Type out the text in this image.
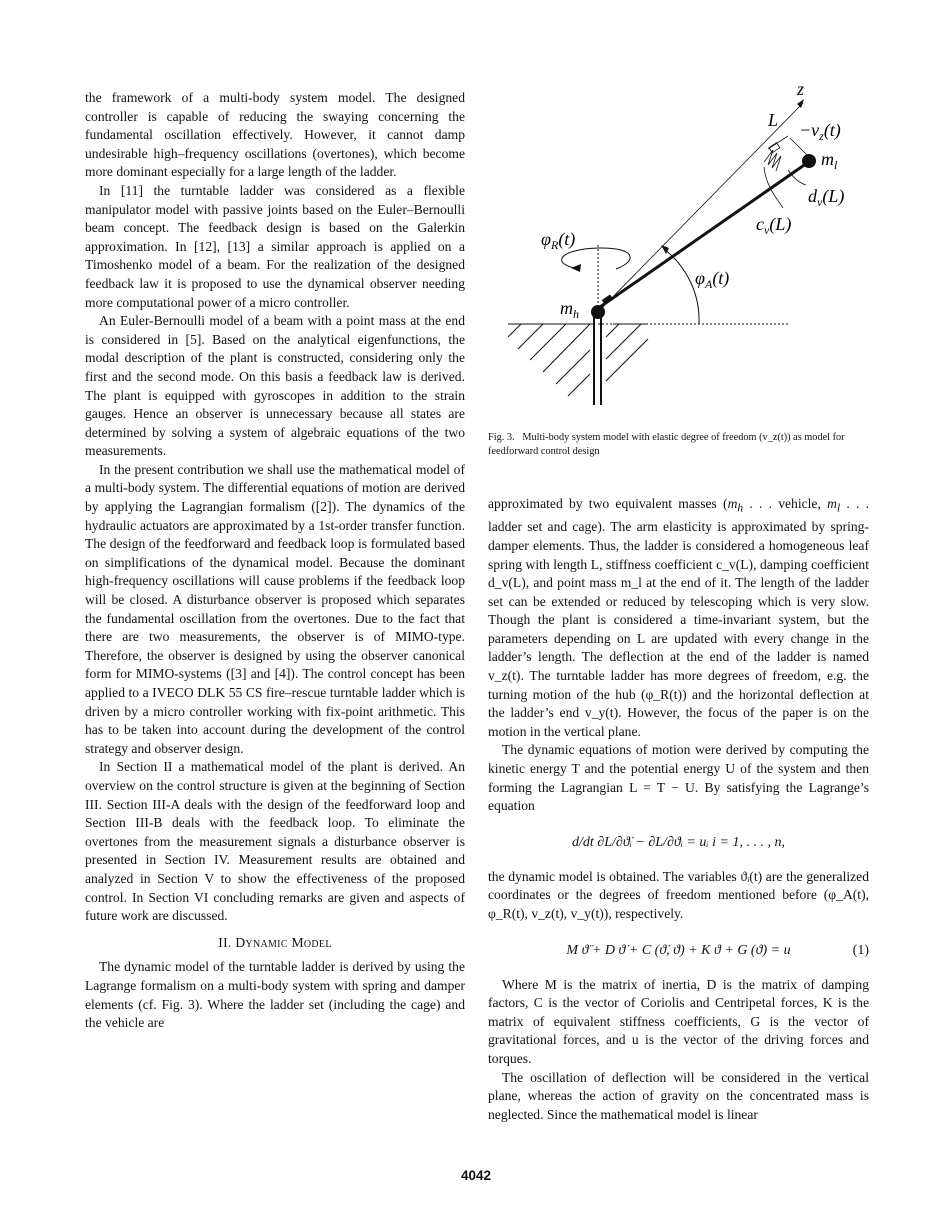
the framework of a multi-body system model. The designed controller is capable of reducing the swaying concerning the fundamental oscillation effectively. However, it cannot damp undesirable high–frequency oscillations (overtones), which become more dominant especially for a large length of the ladder.

In [11] the turntable ladder was considered as a flexible manipulator model with passive joints based on the Euler–Bernoulli beam concept. The feedback design is based on the Galerkin approximation. In [12], [13] a similar approach is applied on a Timoshenko model of a beam. For the realization of the designed feedback law it is proposed to use the dynamical observer needing more computational power of a micro controller.

An Euler-Bernoulli model of a beam with a point mass at the end is considered in [5]. Based on the analytical eigenfunctions, the modal description of the plant is constructed, considering only the first and the second mode. On this basis a feedback law is derived. The plant is equipped with gyroscopes in addition to the strain gauges. Hence an observer is unnecessary because all states are determined by solving a system of algebraic equations of the two measurements.

In the present contribution we shall use the mathematical model of a multi-body system. The differential equations of motion are derived by applying the Lagrangian formalism ([2]). The dynamics of the hydraulic actuators are approximated by a 1st-order transfer function. The design of the feedforward and feedback loop is formulated based on simplifications of the dynamical model. Because the dominant high-frequency oscillations will cause problems if the feedback loop will be closed. A disturbance observer is proposed which separates the fundamental oscillation from the overtones. Due to the fact that there are two measurements, the observer is of MIMO-type. Therefore, the observer is designed by using the observer canonical form for MIMO-systems ([3] and [4]). The control concept has been applied to a IVECO DLK 55 CS fire–rescue turntable ladder which is driven by a micro controller working with fix-point arithmetic. This has to be taken into account during the development of the control strategy and observer design.

In Section II a mathematical model of the plant is derived. An overview on the control structure is given at the beginning of Section III. Section III-A deals with the design of the feedforward loop and Section III-B deals with the feedback loop. To eliminate the overtones from the measurement signals a disturbance observer is presented in Section IV. Measurement results are obtained and analyzed in Section V to show the effectiveness of the proposed control. In Section VI concluding remarks are given and aspects of future work are discussed.

II. Dynamic Model

The dynamic model of the turntable ladder is derived by using the Lagrange formalism on a multi-body system with spring and damper elements (cf. Fig. 3). Where the ladder set (including the cage) and the vehicle are

z
$L -v_z(t)$
$m_l$
$d_v(L)$
$c_v(L)$
$\varphi_R(t)$
$\varphi_A(t)$
$m_h$
Fig. 3. Multi-body system model with elastic degree of freedom (v_z(t)) as model for feedforward control design

approximated by two equivalent masses ($m_h$ . . . vehicle, $m_l$ . . . ladder set and cage). The arm elasticity is approximated by spring-damper elements. Thus, the ladder is considered a homogeneous leaf spring with length L, stiffness coefficient c_v(L), damping coefficient d_v(L), and point mass m_l at the end of it. The length of the ladder set can be extended or reduced by telescoping which is very slow. Though the plant is considered a time-invariant system, but the parameters depending on L are updated with every change in the ladder’s length. The deflection at the end of the ladder is named v_z(t). The turntable ladder has more degrees of freedom, e.g. the turning motion of the hub (φ_R(t)) and the horizontal deflection at the ladder’s end v_y(t). However, the focus of the paper is on the motion in the vertical plane.

The dynamic equations of motion were derived by computing the kinetic energy T and the potential energy U of the system and then forming the Lagrangian L = T − U. By satisfying the Lagrange’s equation

d/dt ∂L/∂ϑ̇ᵢ − ∂L/∂ϑᵢ = uᵢ i = 1, . . . , n,

the dynamic model is obtained. The variables ϑᵢ(t) are the generalized coordinates or the degrees of freedom mentioned before (φ_A(t), φ_R(t), v_z(t), v_y(t)), respectively.

M ϑ̈ + D ϑ̇ + C (ϑ̇, ϑ) + K ϑ + G (ϑ) = u	(1)

Where M is the matrix of inertia, D is the matrix of damping factors, C is the vector of Coriolis and Centripetal forces, K is the matrix of equivalent stiffness coefficients, G is the vector of gravitational forces, and u is the vector of the driving forces and torques.

The oscillation of deflection will be considered in the vertical plane, whereas the action of gravity on the concentrated mass is neglected. Since the mathematical model is linear

4042
